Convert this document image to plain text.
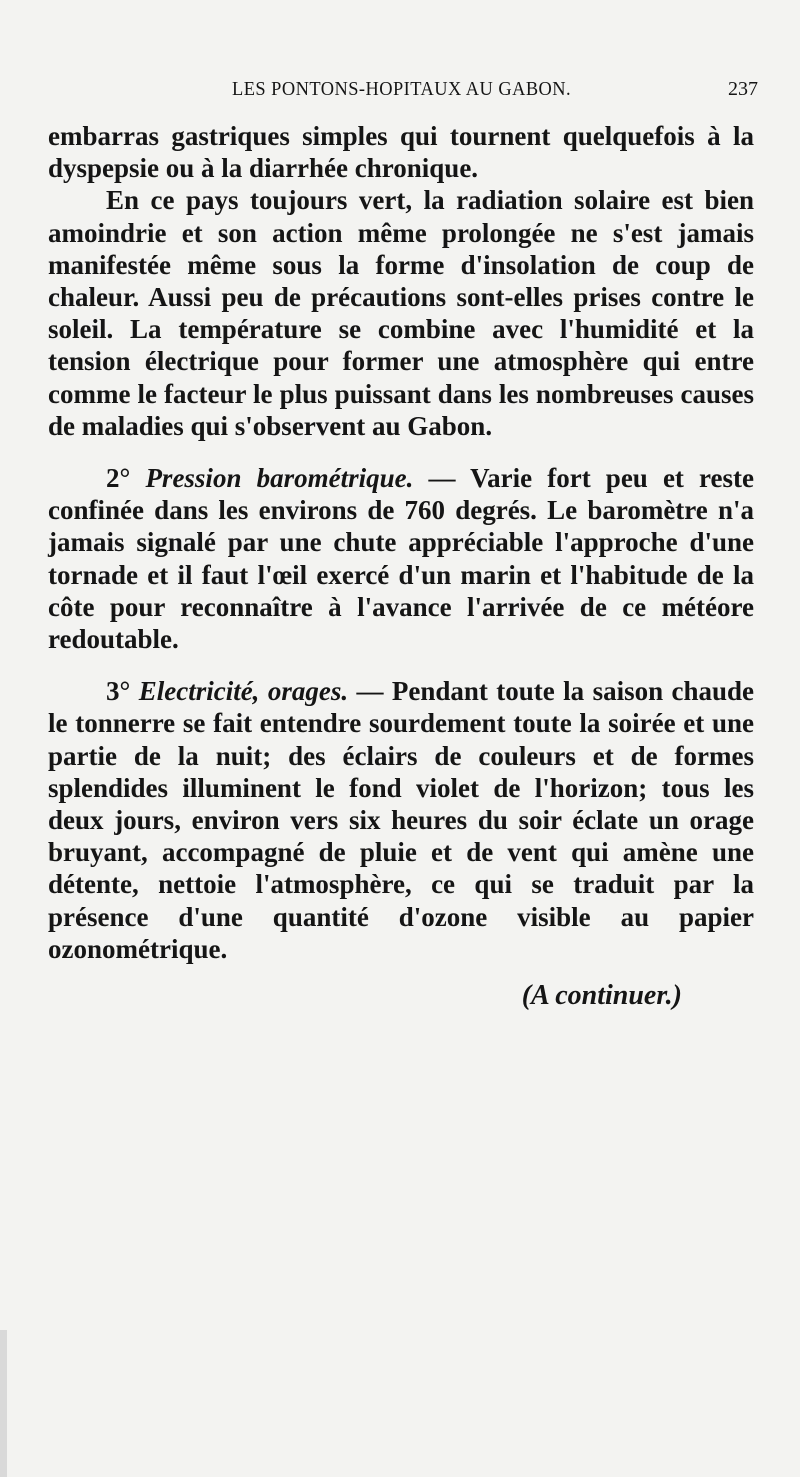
LES PONTONS-HOPITAUX AU GABON.	237

embarras gastriques simples qui tournent quelquefois à la dyspepsie ou à la diarrhée chronique.

En ce pays toujours vert, la radiation solaire est bien amoindrie et son action même prolongée ne s'est jamais manifestée même sous la forme d'insolation de coup de chaleur. Aussi peu de précautions sont-elles prises contre le soleil. La température se combine avec l'humidité et la tension électrique pour former une atmosphère qui entre comme le facteur le plus puissant dans les nombreuses causes de maladies qui s'observent au Gabon.

2° Pression barométrique. — Varie fort peu et reste confinée dans les environs de 760 degrés. Le baromètre n'a jamais signalé par une chute appréciable l'approche d'une tornade et il faut l'œil exercé d'un marin et l'habitude de la côte pour reconnaître à l'avance l'arrivée de ce météore redoutable.

3° Electricité, orages. — Pendant toute la saison chaude le tonnerre se fait entendre sourdement toute la soirée et une partie de la nuit; des éclairs de couleurs et de formes splendides illuminent le fond violet de l'horizon; tous les deux jours, environ vers six heures du soir éclate un orage bruyant, accompagné de pluie et de vent qui amène une détente, nettoie l'atmosphère, ce qui se traduit par la présence d'une quantité d'ozone visible au papier ozonométrique.

(A continuer.)
